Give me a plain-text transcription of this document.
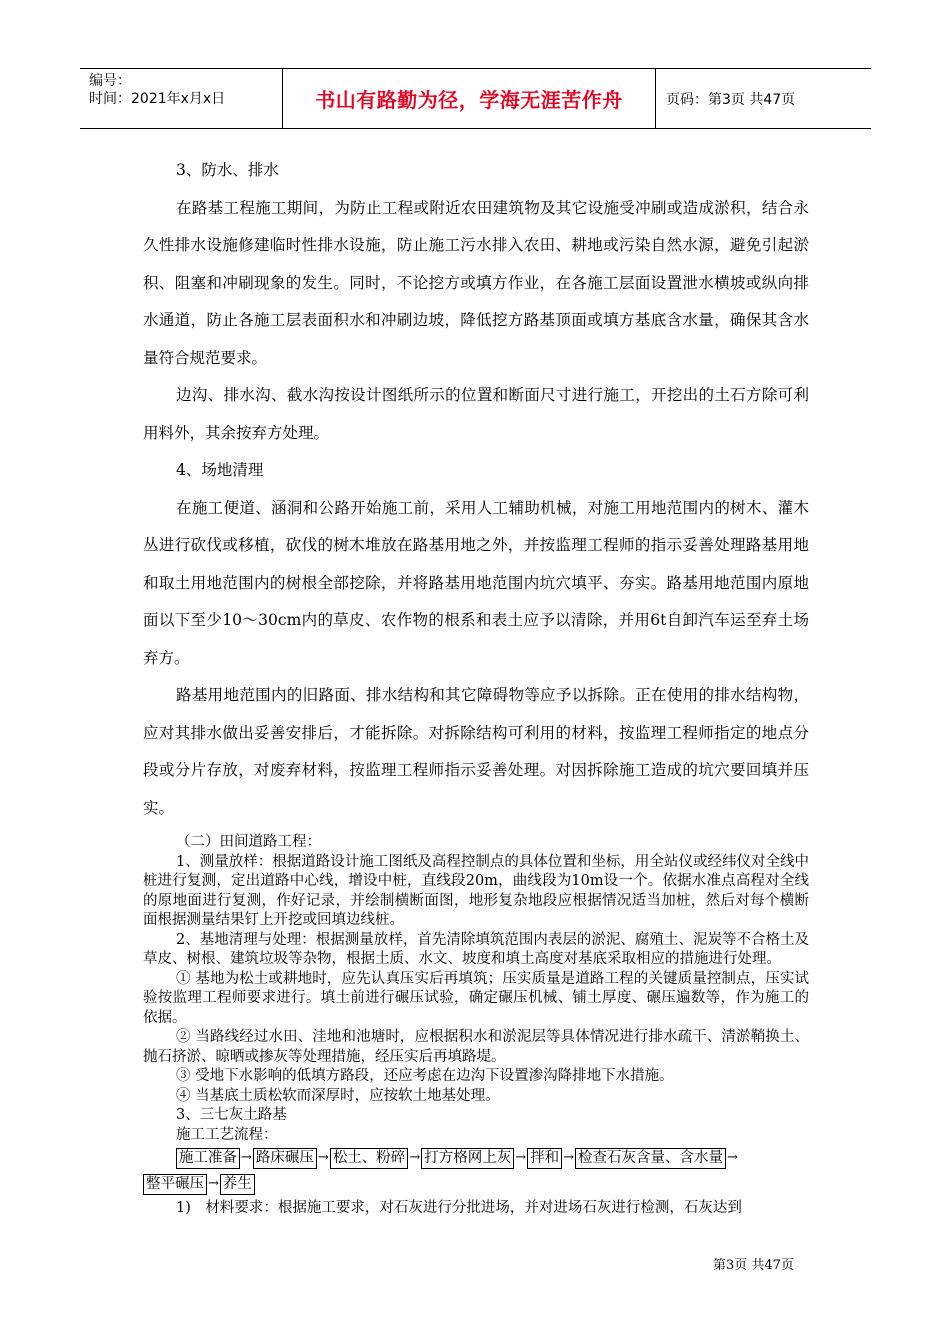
编号：
时间：2021年x月x日	书山有路勤为径，学海无涯苦作舟	页码：第3页 共47页

3、防水、排水

在路基工程施工期间，为防止工程或附近农田建筑物及其它设施受冲刷或造成淤积，结合永久性排水设施修建临时性排水设施，防止施工污水排入农田、耕地或污染自然水源，避免引起淤积、阻塞和冲刷现象的发生。同时，不论挖方或填方作业，在各施工层面设置泄水横坡或纵向排水通道，防止各施工层表面积水和冲刷边坡，降低挖方路基顶面或填方基底含水量，确保其含水量符合规范要求。

边沟、排水沟、截水沟按设计图纸所示的位置和断面尺寸进行施工，开挖出的土石方除可利用料外，其余按弃方处理。

4、场地清理

在施工便道、涵洞和公路开始施工前，采用人工辅助机械，对施工用地范围内的树木、灌木丛进行砍伐或移植，砍伐的树木堆放在路基用地之外，并按监理工程师的指示妥善处理路基用地和取土用地范围内的树根全部挖除，并将路基用地范围内坑穴填平、夯实。路基用地范围内原地面以下至少10～30cm内的草皮、农作物的根系和表土应予以清除，并用6t自卸汽车运至弃土场弃方。

路基用地范围内的旧路面、排水结构和其它障碍物等应予以拆除。正在使用的排水结构物，应对其排水做出妥善安排后，才能拆除。对拆除结构可利用的材料，按监理工程师指定的地点分段或分片存放，对废弃材料，按监理工程师指示妥善处理。对因拆除施工造成的坑穴要回填并压实。

（二）田间道路工程：

1、测量放样：根据道路设计施工图纸及高程控制点的具体位置和坐标，用全站仪或经纬仪对全线中桩进行复测，定出道路中心线，增设中桩，直线段20m，曲线段为10m设一个。依据水准点高程对全线的原地面进行复测，作好记录，并绘制横断面图，地形复杂地段应根据情况适当加桩，然后对每个横断面根据测量结果钉上开挖或回填边线桩。

2、基地清理与处理：根据测量放样，首先清除填筑范围内表层的淤泥、腐殖土、泥炭等不合格土及草皮、树根、建筑垃圾等杂物，根据土质、水文、坡度和填土高度对基底采取相应的措施进行处理。

① 基地为松土或耕地时，应先认真压实后再填筑；压实质量是道路工程的关键质量控制点，压实试验按监理工程师要求进行。填土前进行碾压试验，确定碾压机械、铺土厚度、碾压遍数等，作为施工的依据。

② 当路线经过水田、洼地和池塘时，应根据积水和淤泥层等具体情况进行排水疏干、清淤鞘换土、抛石挤淤、晾晒或掺灰等处理措施，经压实后再填路堤。

③ 受地下水影响的低填方路段，还应考虑在边沟下设置渗沟降排地下水措施。

④ 当基底土质松软而深厚时，应按软土地基处理。

3、三七灰土路基

施工工艺流程：

施工准备 → 路床碾压 → 松土、粉碎 → 打方格网上灰 → 拌和 → 检查石灰含量、含水量 →
整平碾压 → 养生

1)　材料要求：根据施工要求，对石灰进行分批进场，并对进场石灰进行检测，石灰达到

第3页 共47页
